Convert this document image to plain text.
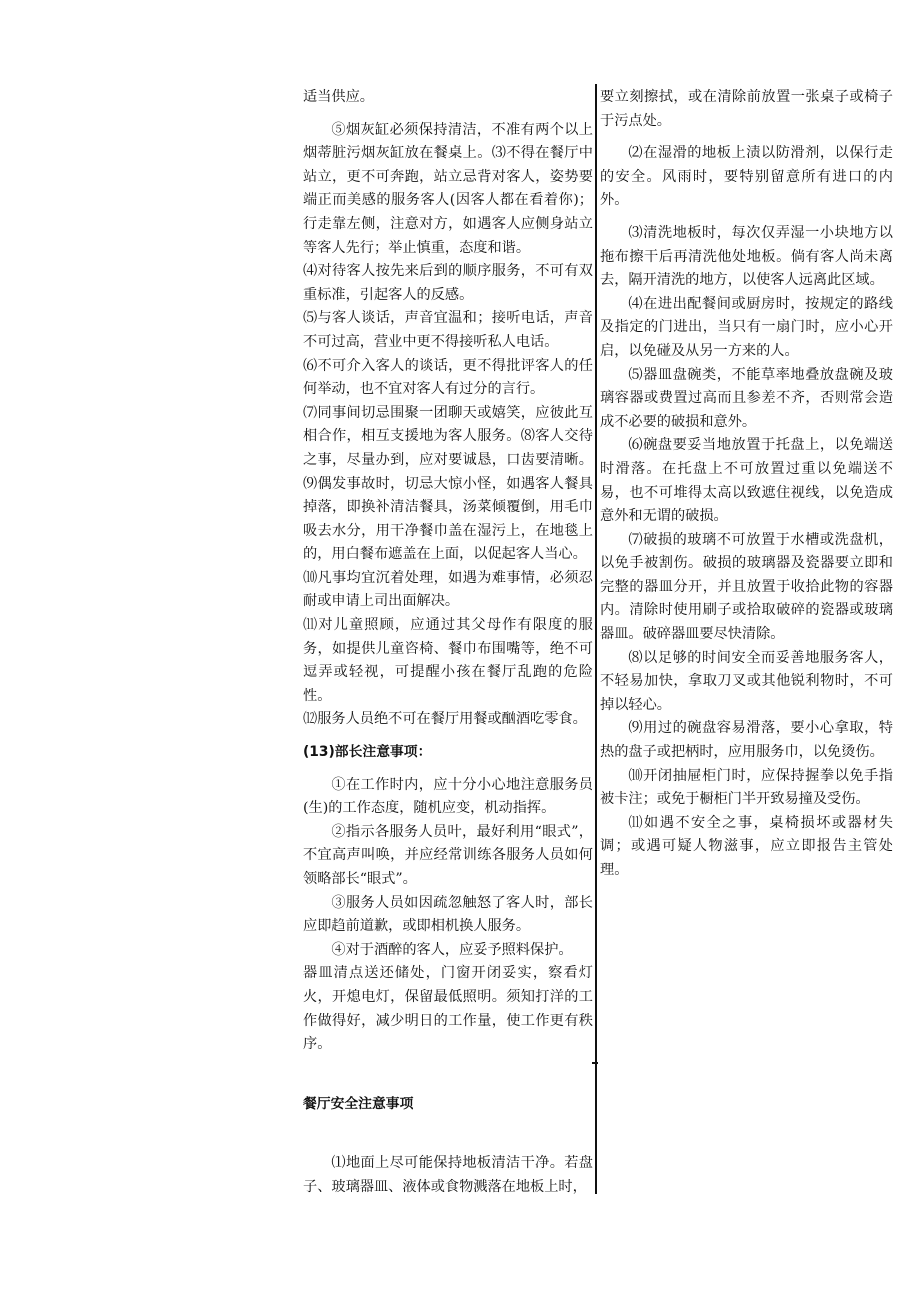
适当供应。

⑤烟灰缸必须保持清洁，不准有两个以上烟蒂脏污烟灰缸放在餐桌上。⑶不得在餐厅中站立，更不可奔跑，站立忌背对客人，姿势要端正而美感的服务客人(因客人都在看着你)；行走靠左侧，注意对方，如遇客人应侧身站立等客人先行；举止慎重，态度和谐。

⑷对待客人按先来后到的顺序服务，不可有双重标准，引起客人的反感。

⑸与客人谈话，声音宜温和；接听电话，声音不可过高，营业中更不得接听私人电话。

⑹不可介入客人的谈话，更不得批评客人的任何举动，也不宜对客人有过分的言行。

⑺同事间切忌围聚一团聊天或嬉笑，应彼此互相合作，相互支援地为客人服务。⑻客人交待之事，尽量办到，应对要诚恳，口齿要清晰。⑼偶发事故时，切忌大惊小怪，如遇客人餐具掉落，即换补清洁餐具，汤菜倾覆倒，用毛巾吸去水分，用干净餐巾盖在湿污上，在地毯上的，用白餐布遮盖在上面，以促起客人当心。

⑽凡事均宜沉着处理，如遇为难事情，必须忍耐或申请上司出面解决。

⑾对儿童照顾，应通过其父母作有限度的服务，如提供儿童咨椅、餐巾布围嘴等，绝不可逗弄或轻视，可提醒小孩在餐厅乱跑的危险性。

⑿服务人员绝不可在餐厅用餐或酗酒吃零食。

(13)部长注意事项：

①在工作时内，应十分小心地注意服务员(生)的工作态度，随机应变，机动指挥。

②指示各服务人员叶，最好利用“眼式”，不宜高声叫唤，并应经常训练各服务人员如何领略部长“眼式”。

③服务人员如因疏忽触怒了客人时，部长应即趋前道歉，或即相机换人服务。

④对于酒醉的客人，应妥予照料保护。

器皿清点送还储处，门窗开闭妥实，察看灯火，开熄电灯，保留最低照明。须知打洋的工作做得好，减少明日的工作量，使工作更有秩序。

餐厅安全注意事项

⑴地面上尽可能保持地板清洁干净。若盘子、玻璃器皿、液体或食物溅落在地板上时，

要立刻擦拭，或在清除前放置一张桌子或椅子于污点处。

⑵在湿滑的地板上渍以防滑剂，以保行走的安全。风雨时，要特别留意所有进口的内外。

⑶清洗地板时，每次仅弄湿一小块地方以拖布擦干后再清洗他处地板。倘有客人尚未离去，隔开清洗的地方，以使客人远离此区域。

⑷在进出配餐间或厨房时，按规定的路线及指定的门进出，当只有一扇门时，应小心开启，以免碰及从另一方来的人。

⑸器皿盘碗类，不能草率地叠放盘碗及玻璃容器或费置过高而且参差不齐，否则常会造成不必要的破损和意外。

⑹碗盘要妥当地放置于托盘上，以免端送时滑落。在托盘上不可放置过重以免端送不易，也不可堆得太高以致遮住视线，以免造成意外和无谓的破损。

⑺破损的玻璃不可放置于水槽或洗盘机，以免手被割伤。破损的玻璃器及瓷器要立即和完整的器皿分开，并且放置于收拾此物的容器内。清除时使用刷子或拾取破碎的瓷器或玻璃器皿。破碎器皿要尽快清除。

⑻以足够的时间安全而妥善地服务客人，不轻易加快，拿取刀叉或其他锐利物时，不可掉以轻心。

⑼用过的碗盘容易滑落，要小心拿取，特热的盘子或把柄时，应用服务巾，以免烫伤。

⑽开闭抽屉柜门时，应保持握拳以免手指被卡注；或免于橱柜门半开致易撞及受伤。

⑾如遇不安全之事，桌椅损坏或器材失调；或遇可疑人物滋事，应立即报告主管处理。
